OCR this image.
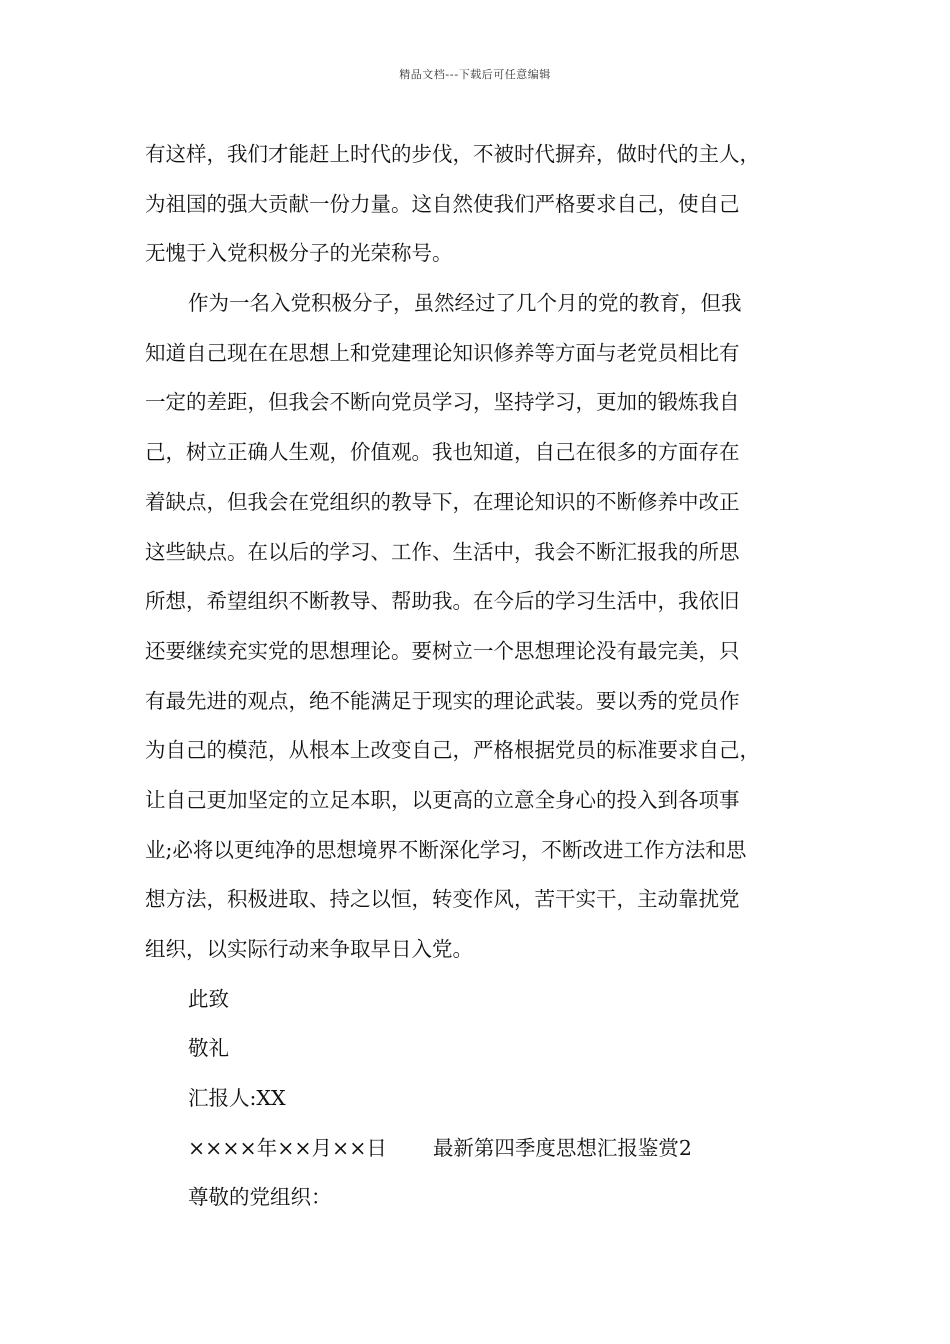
精品文档---下载后可任意编辑
有这样，我们才能赶上时代的步伐，不被时代摒弃，做时代的主人，
为祖国的强大贡献一份力量。这自然使我们严格要求自己，使自己
无愧于入党积极分子的光荣称号。
作为一名入党积极分子，虽然经过了几个月的党的教育，但我
知道自己现在在思想上和党建理论知识修养等方面与老党员相比有
一定的差距，但我会不断向党员学习，坚持学习，更加的锻炼我自
己，树立正确人生观，价值观。我也知道，自己在很多的方面存在
着缺点，但我会在党组织的教导下，在理论知识的不断修养中改正
这些缺点。在以后的学习、工作、生活中，我会不断汇报我的所思
所想，希望组织不断教导、帮助我。在今后的学习生活中，我依旧
还要继续充实党的思想理论。要树立一个思想理论没有最完美，只
有最先进的观点，绝不能满足于现实的理论武装。要以秀的党员作
为自己的模范，从根本上改变自己，严格根据党员的标准要求自己，
让自己更加坚定的立足本职，以更高的立意全身心的投入到各项事
业;必将以更纯净的思想境界不断深化学习，不断改进工作方法和思
想方法，积极进取、持之以恒，转变作风，苦干实干，主动靠扰党
组织，以实际行动来争取早日入党。
此致
敬礼
汇报人:XX
××××年××月××日 最新第四季度思想汇报鉴赏2
尊敬的党组织：
